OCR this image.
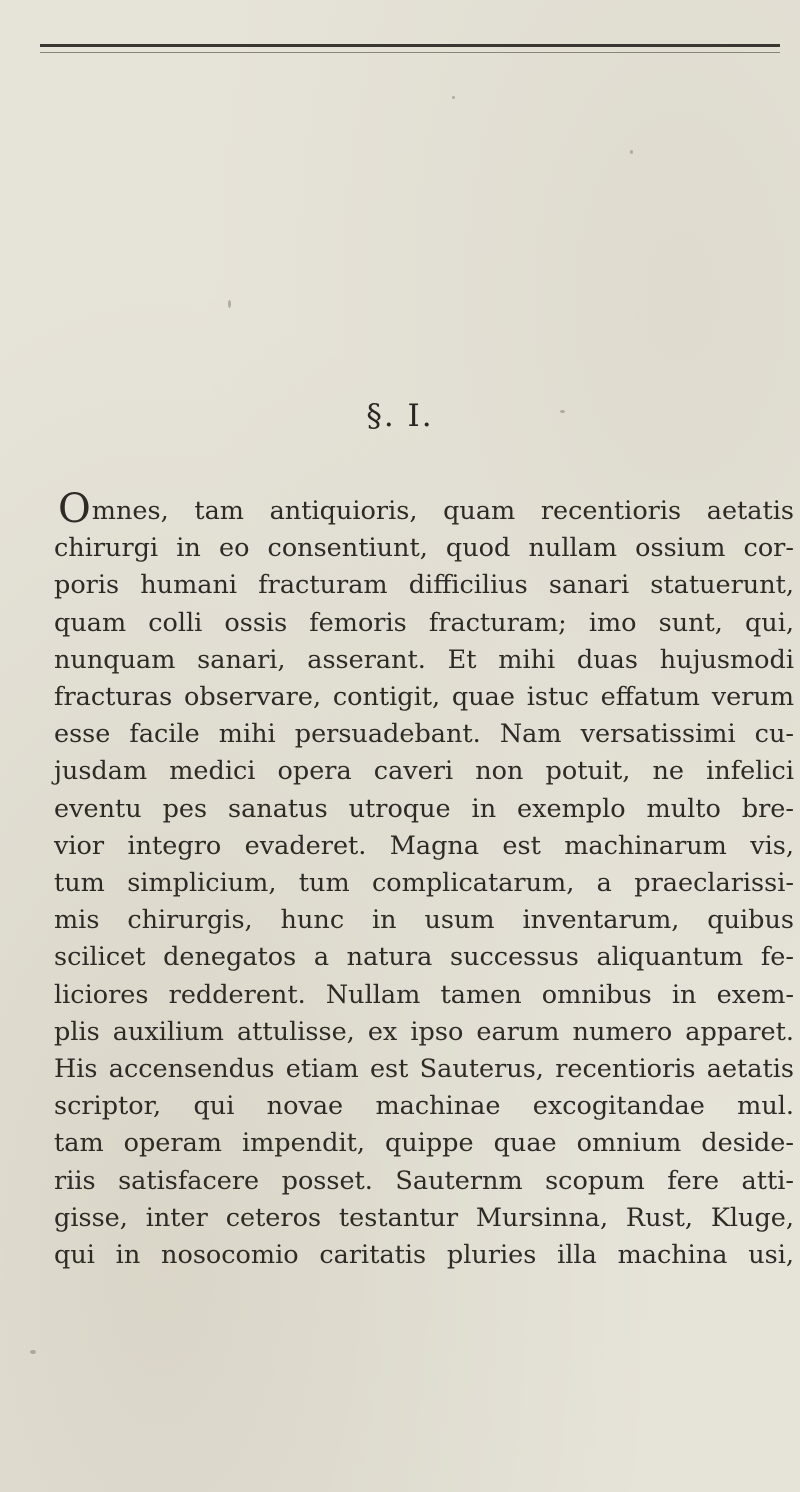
§. I.
Omnes, tam antiquioris, quam recentioris aetatis
chirurgi in eo consentiunt, quod nullam ossium cor-
poris humani fracturam difficilius sanari statuerunt,
quam colli ossis femoris fracturam; imo sunt, qui,
nunquam sanari, asserant. Et mihi duas hujusmodi
fracturas observare, contigit, quae istuc effatum verum
esse facile mihi persuadebant. Nam versatissimi cu-
jusdam medici opera caveri non potuit, ne infelici
eventu pes sanatus utroque in exemplo multo bre-
vior integro evaderet. Magna est machinarum vis,
tum simplicium, tum complicatarum, a praeclarissi-
mis chirurgis, hunc in usum inventarum, quibus
scilicet denegatos a natura successus aliquantum fe-
liciores redderent. Nullam tamen omnibus in exem-
plis auxilium attulisse, ex ipso earum numero apparet.
His accensendus etiam est Sauterus, recentioris aetatis
scriptor, qui novae machinae excogitandae mul.
tam operam impendit, quippe quae omnium deside-
riis satisfacere posset. Sauternm scopum fere atti-
gisse, inter ceteros testantur Mursinna, Rust, Kluge,
qui in nosocomio caritatis pluries illa machina usi,
